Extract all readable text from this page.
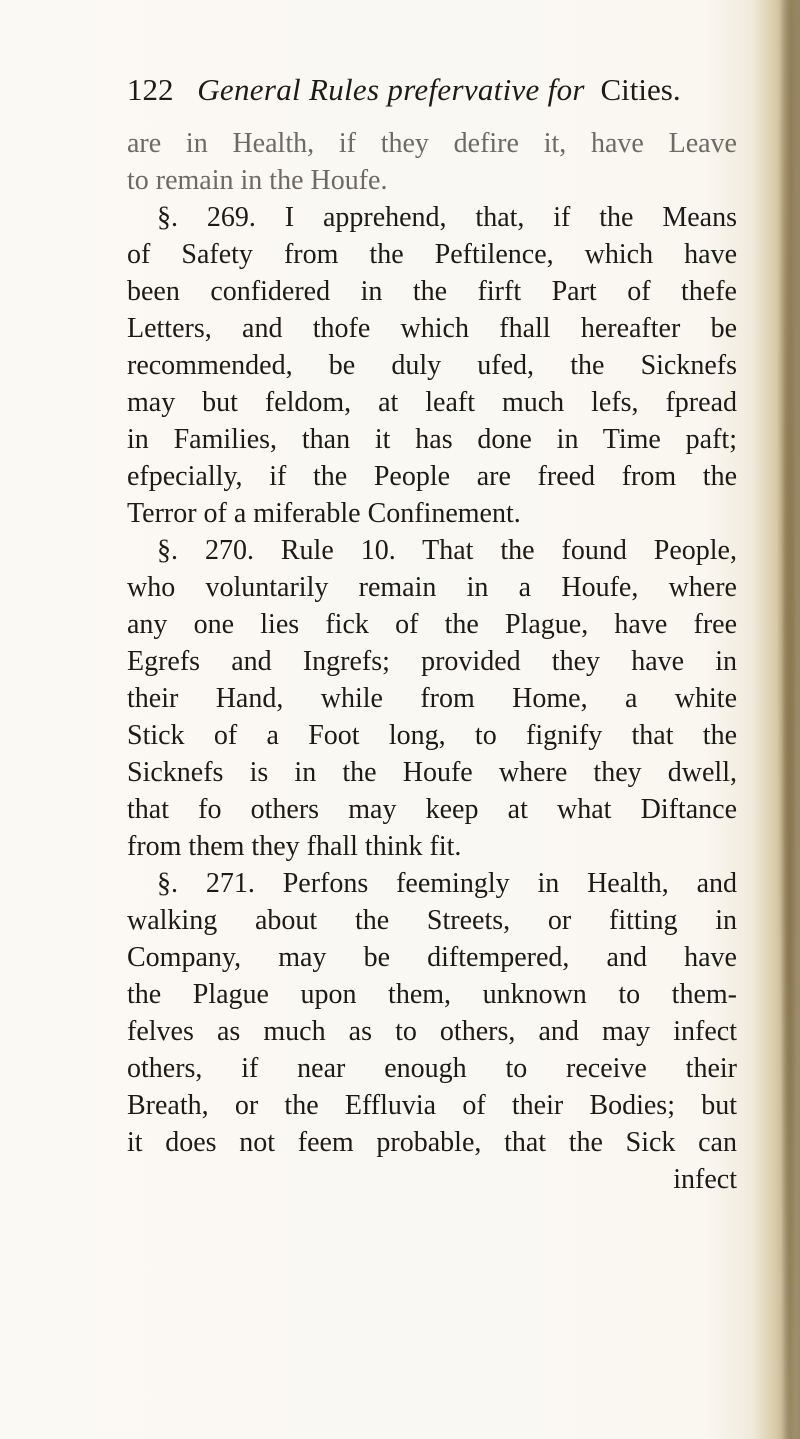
122 General Rules prefervative for Cities.
are in Health, if they defire it, have Leave
to remain in the Houfe.
§. 269. I apprehend, that, if the Means
of Safety from the Peftilence, which have
been confidered in the firft Part of thefe
Letters, and thofe which fhall hereafter be
recommended, be duly ufed, the Sicknefs
may but feldom, at leaft much lefs, fpread
in Families, than it has done in Time paft;
efpecially, if the People are freed from the
Terror of a miferable Confinement.
§. 270. Rule 10. That the found People,
who voluntarily remain in a Houfe, where
any one lies fick of the Plague, have free
Egrefs and Ingrefs; provided they have in
their Hand, while from Home, a white
Stick of a Foot long, to fignify that the
Sicknefs is in the Houfe where they dwell,
that fo others may keep at what Diftance
from them they fhall think fit.
§. 271. Perfons feemingly in Health, and
walking about the Streets, or fitting in
Company, may be diftempered, and have
the Plague upon them, unknown to them-
felves as much as to others, and may infect
others, if near enough to receive their
Breath, or the Effluvia of their Bodies; but
it does not feem probable, that the Sick can
infect
